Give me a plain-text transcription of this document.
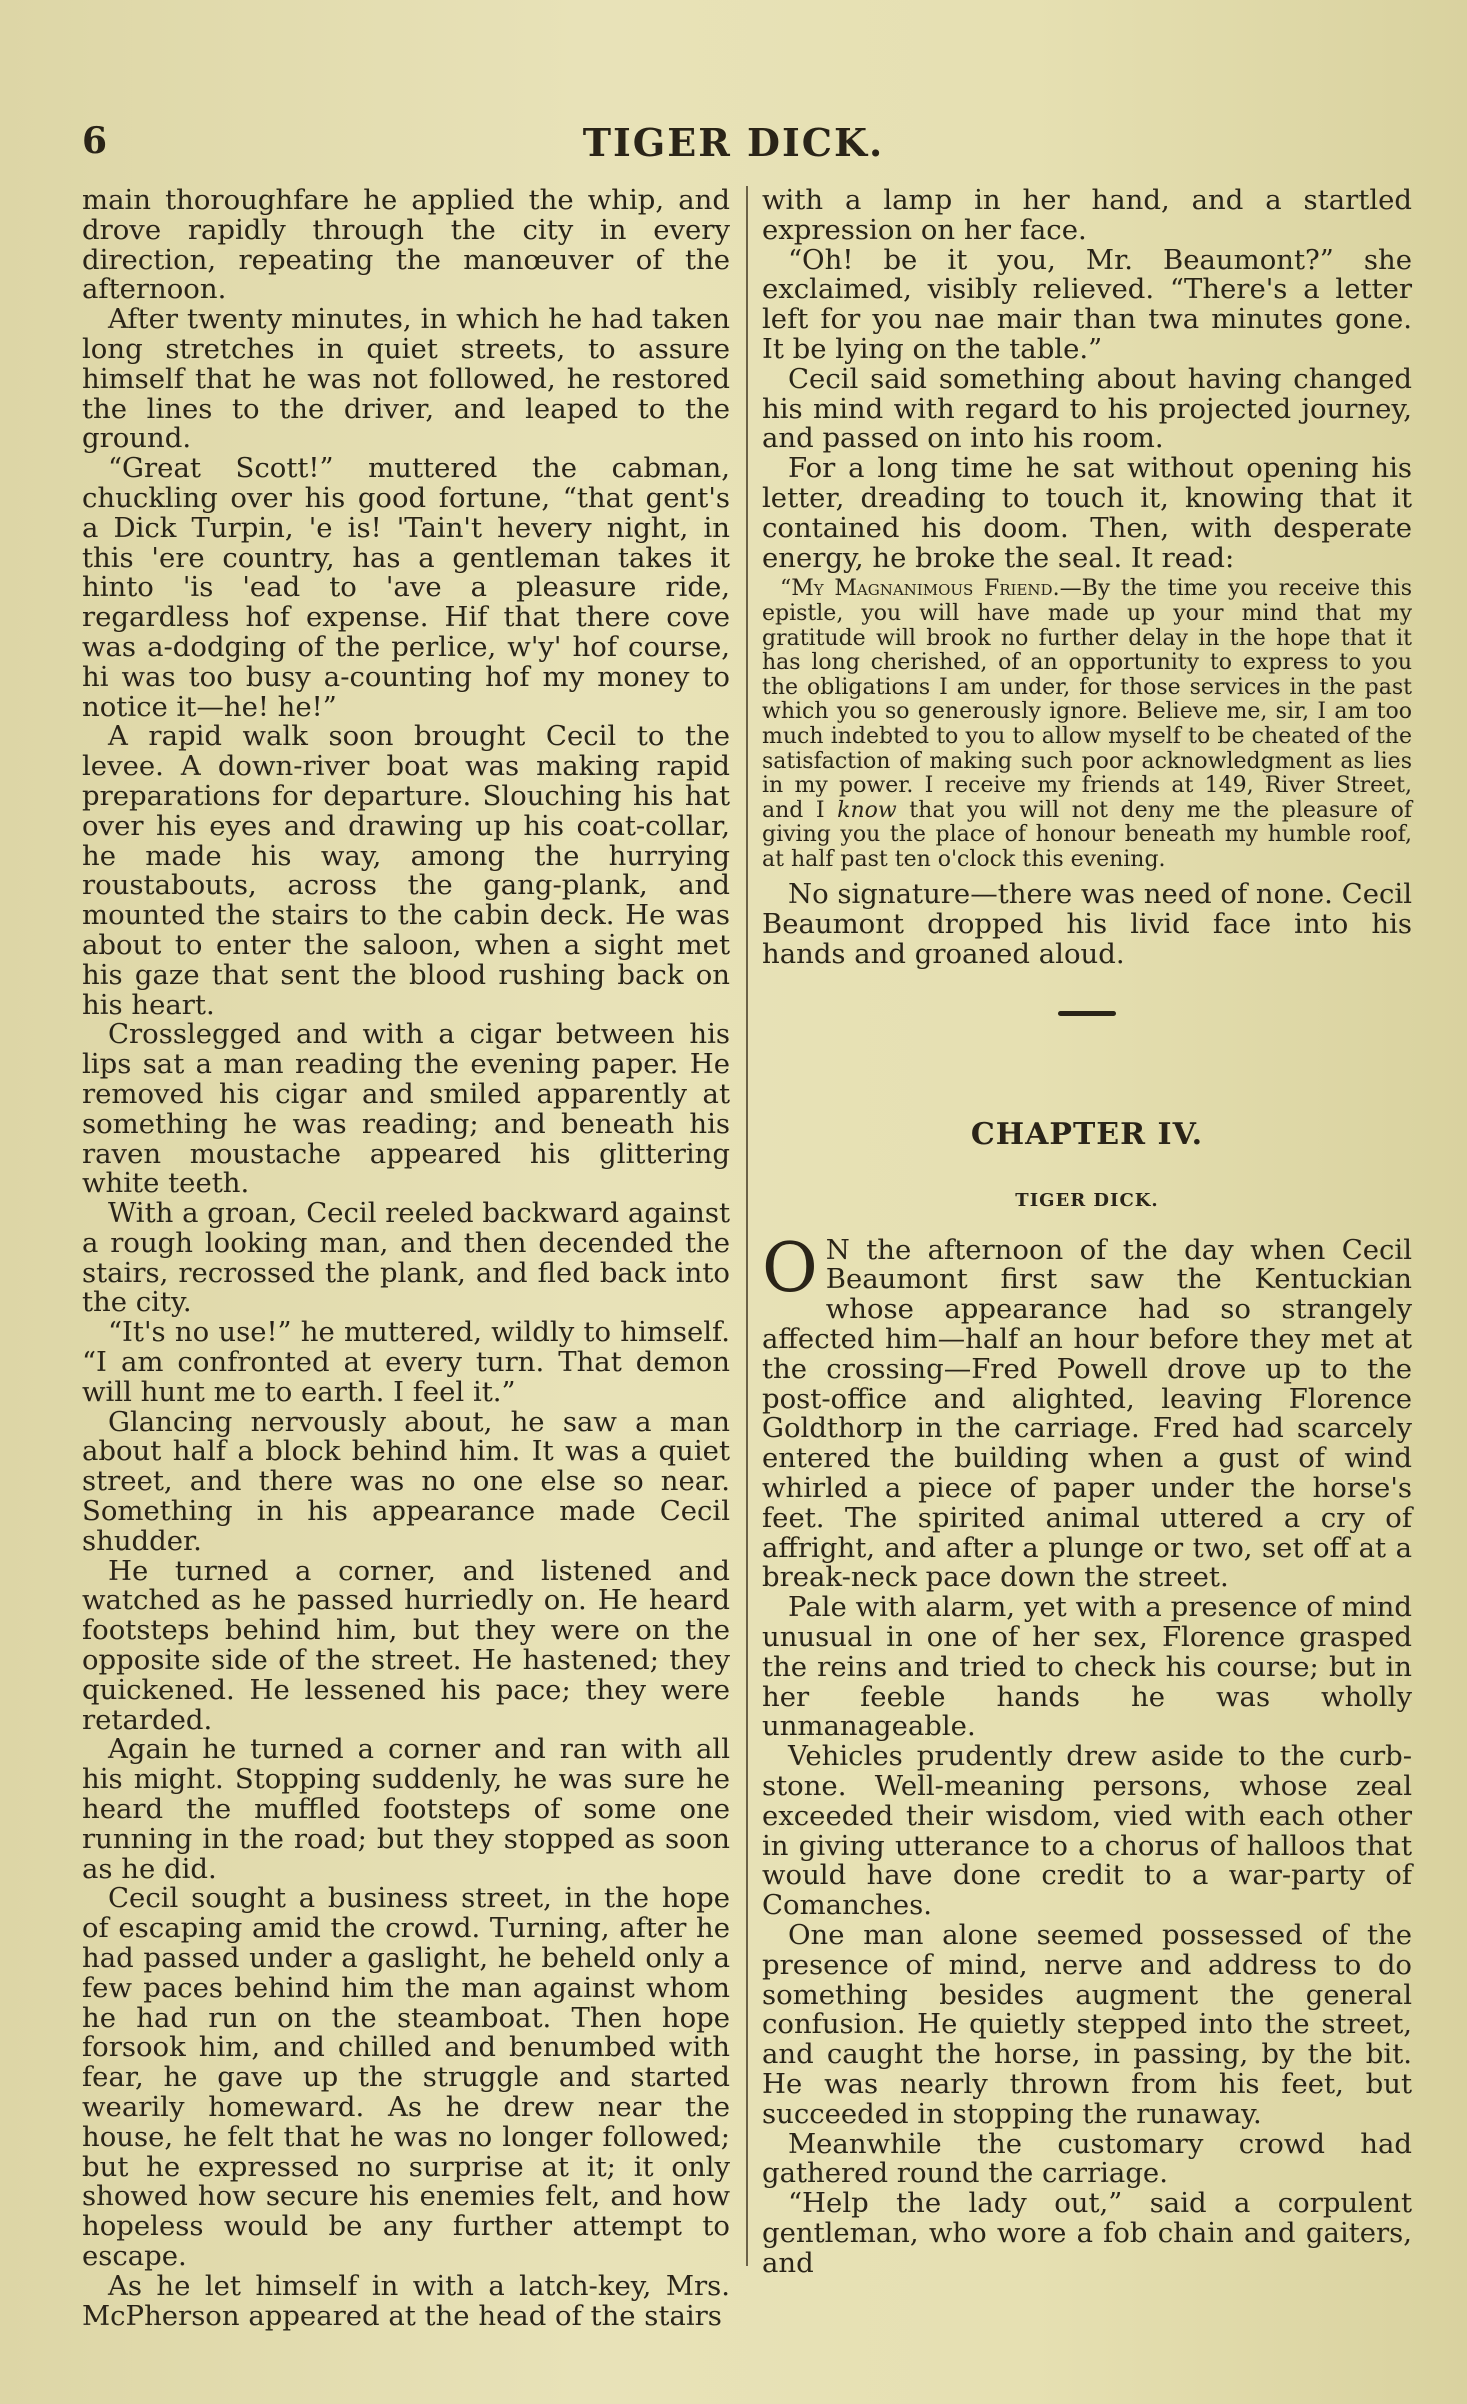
6	TIGER DICK.

main thoroughfare he applied the whip, and drove rapidly through the city in every direction, repeating the manœuver of the afternoon.

After twenty minutes, in which he had taken long stretches in quiet streets, to assure himself that he was not followed, he restored the lines to the driver, and leaped to the ground.

“Great Scott!” muttered the cabman, chuckling over his good fortune, “that gent's a Dick Turpin, 'e is! 'Tain't hevery night, in this 'ere country, has a gentleman takes it hinto 'is 'ead to 'ave a pleasure ride, regardless hof expense. Hif that there cove was a-dodging of the perlice, w'y' hof course, hi was too busy a-counting hof my money to notice it—he! he!”

A rapid walk soon brought Cecil to the levee. A down-river boat was making rapid preparations for departure. Slouching his hat over his eyes and drawing up his coat-collar, he made his way, among the hurrying roustabouts, across the gang-plank, and mounted the stairs to the cabin deck. He was about to enter the saloon, when a sight met his gaze that sent the blood rushing back on his heart.

Crosslegged and with a cigar between his lips sat a man reading the evening paper. He removed his cigar and smiled apparently at something he was reading; and beneath his raven moustache appeared his glittering white teeth.

With a groan, Cecil reeled backward against a rough looking man, and then decended the stairs, recrossed the plank, and fled back into the city.

“It's no use!” he muttered, wildly to himself. “I am confronted at every turn. That demon will hunt me to earth. I feel it.”

Glancing nervously about, he saw a man about half a block behind him. It was a quiet street, and there was no one else so near. Something in his appearance made Cecil shudder.

He turned a corner, and listened and watched as he passed hurriedly on. He heard footsteps behind him, but they were on the opposite side of the street. He hastened; they quickened. He lessened his pace; they were retarded.

Again he turned a corner and ran with all his might. Stopping suddenly, he was sure he heard the muffled footsteps of some one running in the road; but they stopped as soon as he did.

Cecil sought a business street, in the hope of escaping amid the crowd. Turning, after he had passed under a gaslight, he beheld only a few paces behind him the man against whom he had run on the steamboat. Then hope forsook him, and chilled and benumbed with fear, he gave up the struggle and started wearily homeward. As he drew near the house, he felt that he was no longer followed; but he expressed no surprise at it; it only showed how secure his enemies felt, and how hopeless would be any further attempt to escape.

As he let himself in with a latch-key, Mrs. McPherson appeared at the head of the stairs

with a lamp in her hand, and a startled expression on her face.

“Oh! be it you, Mr. Beaumont?” she exclaimed, visibly relieved. “There's a letter left for you nae mair than twa minutes gone. It be lying on the table.”

Cecil said something about having changed his mind with regard to his projected journey, and passed on into his room.

For a long time he sat without opening his letter, dreading to touch it, knowing that it contained his doom. Then, with desperate energy, he broke the seal. It read:

“My Magnanimous Friend.—By the time you receive this epistle, you will have made up your mind that my gratitude will brook no further delay in the hope that it has long cherished, of an opportunity to express to you the obligations I am under, for those services in the past which you so generously ignore. Believe me, sir, I am too much indebted to you to allow myself to be cheated of the satisfaction of making such poor acknowledgment as lies in my power. I receive my friends at 149, River Street, and I know that you will not deny me the pleasure of giving you the place of honour beneath my humble roof, at half past ten o'clock this evening.

No signature—there was need of none. Cecil Beaumont dropped his livid face into his hands and groaned aloud.

CHAPTER IV.
TIGER DICK.

O N the afternoon of the day when Cecil Beaumont first saw the Kentuckian whose appearance had so strangely affected him—half an hour before they met at the crossing—Fred Powell drove up to the post-office and alighted, leaving Florence Goldthorp in the carriage. Fred had scarcely entered the building when a gust of wind whirled a piece of paper under the horse's feet. The spirited animal uttered a cry of affright, and after a plunge or two, set off at a break-neck pace down the street.

Pale with alarm, yet with a presence of mind unusual in one of her sex, Florence grasped the reins and tried to check his course; but in her feeble hands he was wholly unmanageable.

Vehicles prudently drew aside to the curb-stone. Well-meaning persons, whose zeal exceeded their wisdom, vied with each other in giving utterance to a chorus of halloos that would have done credit to a war-party of Comanches.

One man alone seemed possessed of the presence of mind, nerve and address to do something besides augment the general confusion. He quietly stepped into the street, and caught the horse, in passing, by the bit. He was nearly thrown from his feet, but succeeded in stopping the runaway.

Meanwhile the customary crowd had gathered round the carriage.

“Help the lady out,” said a corpulent gentleman, who wore a fob chain and gaiters, and
